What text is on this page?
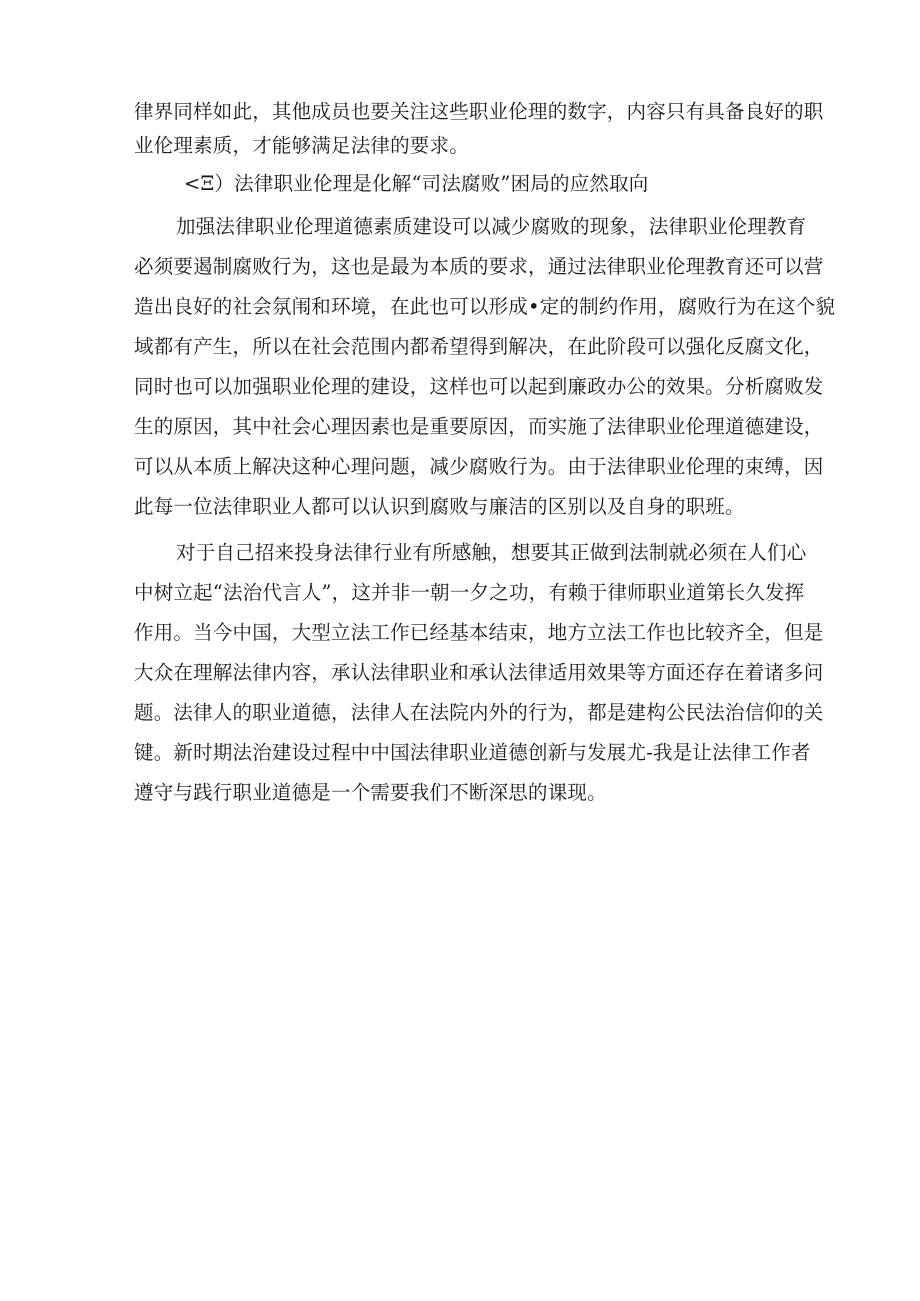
律界同样如此，其他成员也要关注这些职业伦理的数字，内容只有具备良好的职
业伦理素质，才能够满足法律的要求。
<Ξ）法律职业伦理是化解“司法腐败”困局的应然取向
加强法律职业伦理道德素质建设可以减少腐败的现象，法律职业伦理教育
必须要遏制腐败行为，这也是最为本质的要求，通过法律职业伦理教育还可以营
造出良好的社会氛闱和环境，在此也可以形成•定的制约作用，腐败行为在这个貌
域都有产生，所以在社会范围内都希望得到解决，在此阶段可以强化反腐文化，
同时也可以加强职业伦理的建设，这样也可以起到廉政办公的效果。分析腐败发
生的原因，其中社会心理因素也是重要原因，而实施了法律职业伦理道德建设，
可以从本质上解决这种心理问题，减少腐败行为。由于法律职业伦理的束缚，因
此每一位法律职业人都可以认识到腐败与廉洁的区别以及自身的职班。
对于自己招来投身法律行业有所感触，想要其正做到法制就必须在人们心
中树立起“法治代言人”，这并非一朝一夕之功，有赖于律师职业道第长久发挥
作用。当今中国，大型立法工作已经基本结束，地方立法工作也比较齐全，但是
大众在理解法律内容，承认法律职业和承认法律适用效果等方面还存在着诸多问
题。法律人的职业道德，法律人在法院内外的行为，都是建构公民法治信仰的关
键。新时期法治建设过程中中国法律职业道德创新与发展尤-我是让法律工作者
遵守与践行职业道德是一个需要我们不断深思的课现。
